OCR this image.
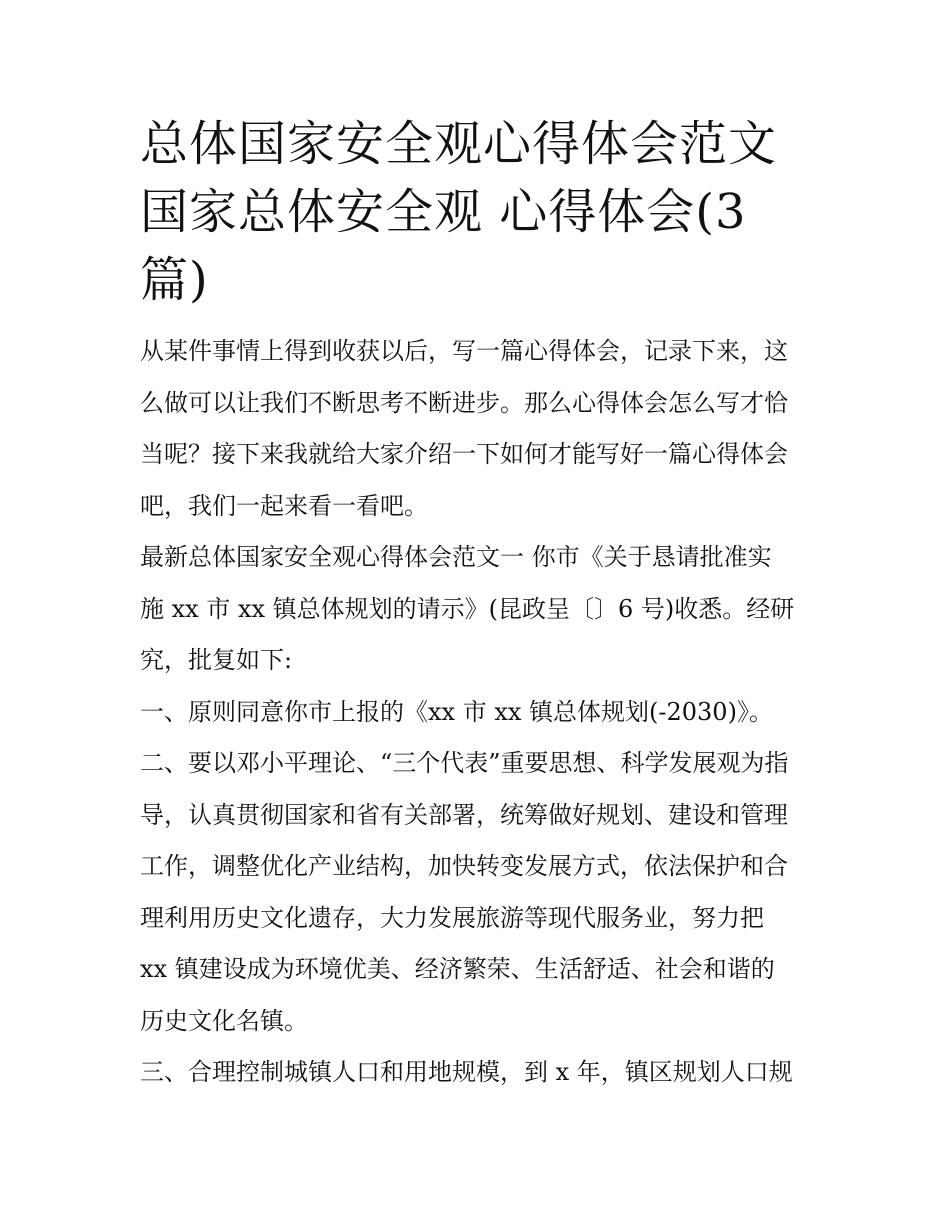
总体国家安全观心得体会范文
国家总体安全观 心得体会(3
篇)

从某件事情上得到收获以后，写一篇心得体会，记录下来，这
么做可以让我们不断思考不断进步。那么心得体会怎么写才恰
当呢？接下来我就给大家介绍一下如何才能写好一篇心得体会
吧，我们一起来看一看吧。

最新总体国家安全观心得体会范文一 你市《关于恳请批准实
施 xx 市 xx 镇总体规划的请示》(昆政呈〔〕6 号)收悉。经研
究，批复如下:

一、原则同意你市上报的《xx 市 xx 镇总体规划(-2030)》。

二、要以邓小平理论、“三个代表”重要思想、科学发展观为指
导，认真贯彻国家和省有关部署，统筹做好规划、建设和管理
工作，调整优化产业结构，加快转变发展方式，依法保护和合
理利用历史文化遗存，大力发展旅游等现代服务业，努力把
xx 镇建设成为环境优美、经济繁荣、生活舒适、社会和谐的
历史文化名镇。

三、合理控制城镇人口和用地规模，到 x 年，镇区规划人口规
